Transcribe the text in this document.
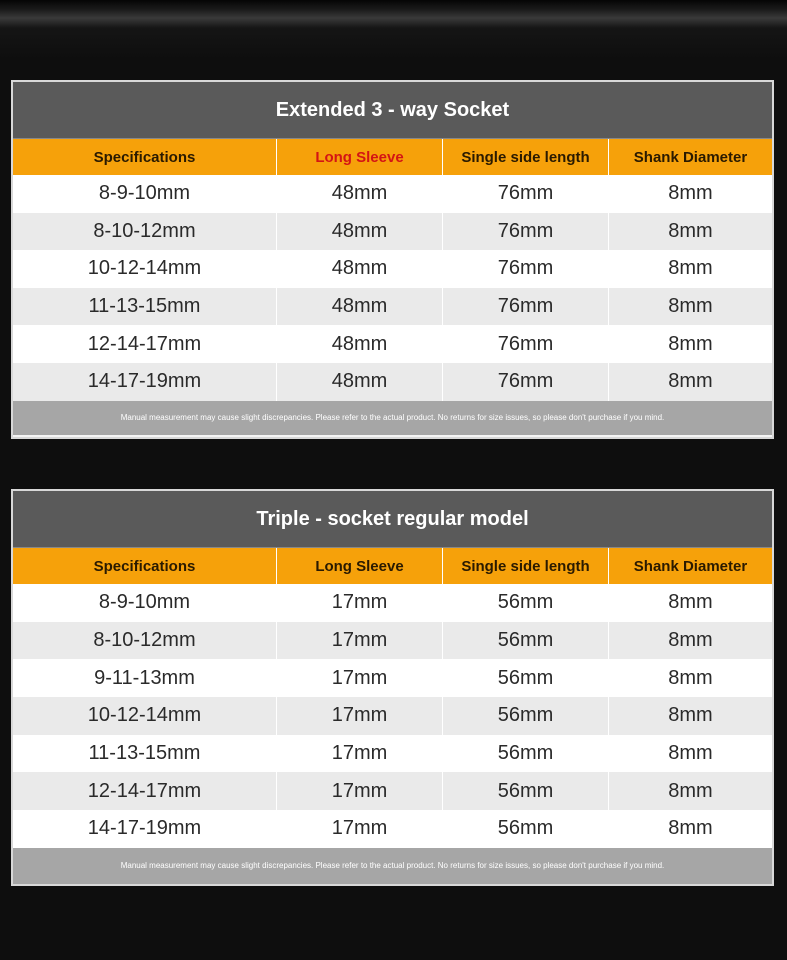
Extended 3 - way Socket
Specifications	Long Sleeve	Single side length	Shank Diameter
8-9-10mm	48mm	76mm	8mm
8-10-12mm	48mm	76mm	8mm
10-12-14mm	48mm	76mm	8mm
11-13-15mm	48mm	76mm	8mm
12-14-17mm	48mm	76mm	8mm
14-17-19mm	48mm	76mm	8mm
Manual measurement may cause slight discrepancies. Please refer to the actual product. No returns for size issues, so please don't purchase if you mind.
Triple - socket regular model
Specifications	Long Sleeve	Single side length	Shank Diameter
8-9-10mm	17mm	56mm	8mm
8-10-12mm	17mm	56mm	8mm
9-11-13mm	17mm	56mm	8mm
10-12-14mm	17mm	56mm	8mm
11-13-15mm	17mm	56mm	8mm
12-14-17mm	17mm	56mm	8mm
14-17-19mm	17mm	56mm	8mm
Manual measurement may cause slight discrepancies. Please refer to the actual product. No returns for size issues, so please don't purchase if you mind.
